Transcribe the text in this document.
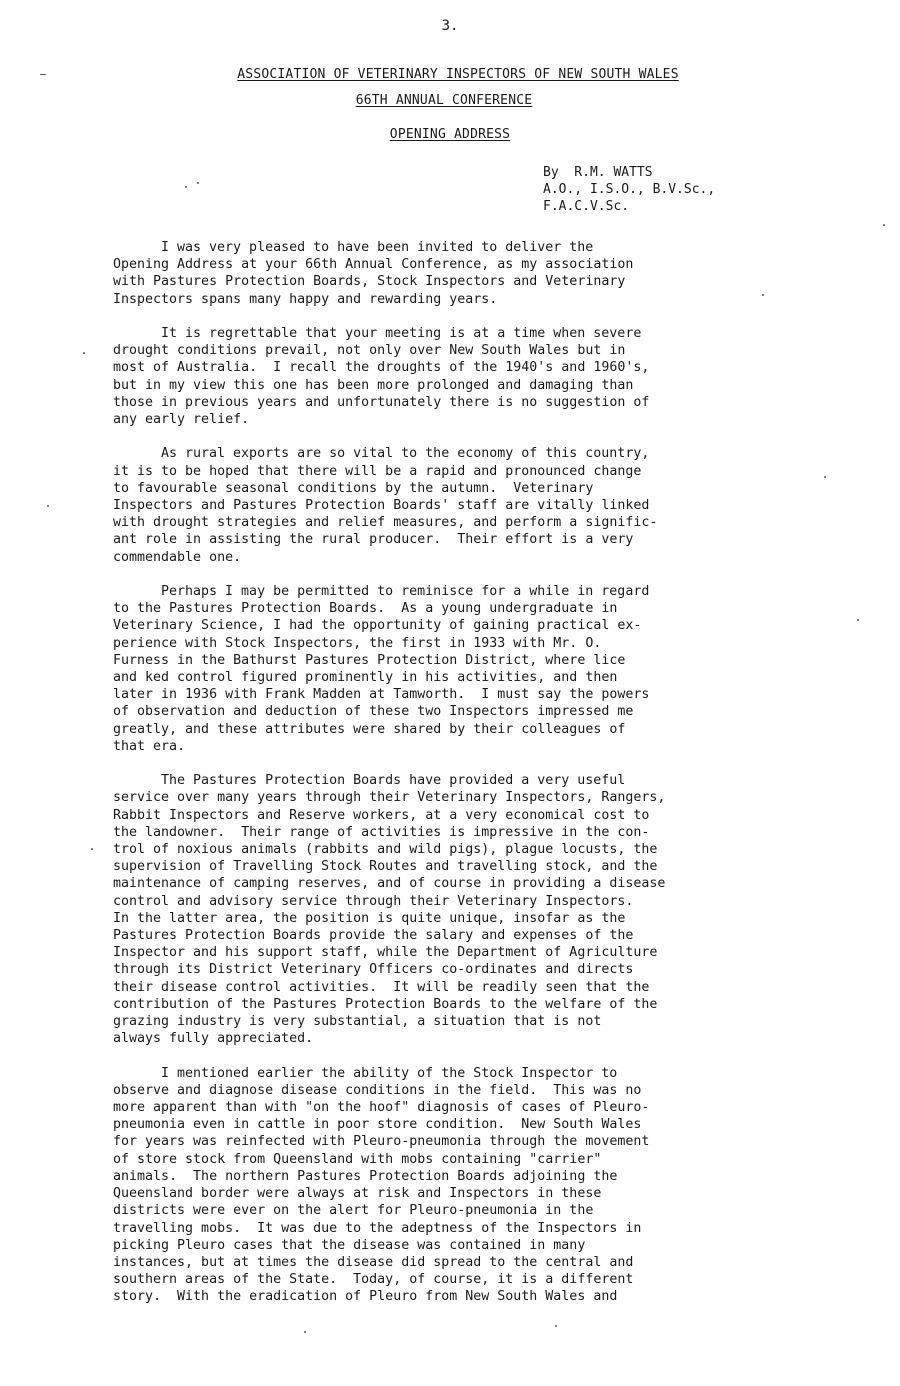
3.
ASSOCIATION OF VETERINARY INSPECTORS OF NEW SOUTH WALES
66TH ANNUAL CONFERENCE
OPENING ADDRESS
By  R.M. WATTS
A.O., I.S.O., B.V.Sc.,
F.A.C.V.Sc.
I was very pleased to have been invited to deliver the
Opening Address at your 66th Annual Conference, as my association
with Pastures Protection Boards, Stock Inspectors and Veterinary
Inspectors spans many happy and rewarding years.
It is regrettable that your meeting is at a time when severe
drought conditions prevail, not only over New South Wales but in
most of Australia.  I recall the droughts of the 1940's and 1960's,
but in my view this one has been more prolonged and damaging than
those in previous years and unfortunately there is no suggestion of
any early relief.
As rural exports are so vital to the economy of this country,
it is to be hoped that there will be a rapid and pronounced change
to favourable seasonal conditions by the autumn.  Veterinary
Inspectors and Pastures Protection Boards' staff are vitally linked
with drought strategies and relief measures, and perform a signific-
ant role in assisting the rural producer.  Their effort is a very
commendable one.
Perhaps I may be permitted to reminisce for a while in regard
to the Pastures Protection Boards.  As a young undergraduate in
Veterinary Science, I had the opportunity of gaining practical ex-
perience with Stock Inspectors, the first in 1933 with Mr. O.
Furness in the Bathurst Pastures Protection District, where lice
and ked control figured prominently in his activities, and then
later in 1936 with Frank Madden at Tamworth.  I must say the powers
of observation and deduction of these two Inspectors impressed me
greatly, and these attributes were shared by their colleagues of
that era.
The Pastures Protection Boards have provided a very useful
service over many years through their Veterinary Inspectors, Rangers,
Rabbit Inspectors and Reserve workers, at a very economical cost to
the landowner.  Their range of activities is impressive in the con-
trol of noxious animals (rabbits and wild pigs), plague locusts, the
supervision of Travelling Stock Routes and travelling stock, and the
maintenance of camping reserves, and of course in providing a disease
control and advisory service through their Veterinary Inspectors.
In the latter area, the position is quite unique, insofar as the
Pastures Protection Boards provide the salary and expenses of the
Inspector and his support staff, while the Department of Agriculture
through its District Veterinary Officers co-ordinates and directs
their disease control activities.  It will be readily seen that the
contribution of the Pastures Protection Boards to the welfare of the
grazing industry is very substantial, a situation that is not
always fully appreciated.
I mentioned earlier the ability of the Stock Inspector to
observe and diagnose disease conditions in the field.  This was no
more apparent than with "on the hoof" diagnosis of cases of Pleuro-
pneumonia even in cattle in poor store condition.  New South Wales
for years was reinfected with Pleuro-pneumonia through the movement
of store stock from Queensland with mobs containing "carrier"
animals.  The northern Pastures Protection Boards adjoining the
Queensland border were always at risk and Inspectors in these
districts were ever on the alert for Pleuro-pneumonia in the
travelling mobs.  It was due to the adeptness of the Inspectors in
picking Pleuro cases that the disease was contained in many
instances, but at times the disease did spread to the central and
southern areas of the State.  Today, of course, it is a different
story.  With the eradication of Pleuro from New South Wales and
